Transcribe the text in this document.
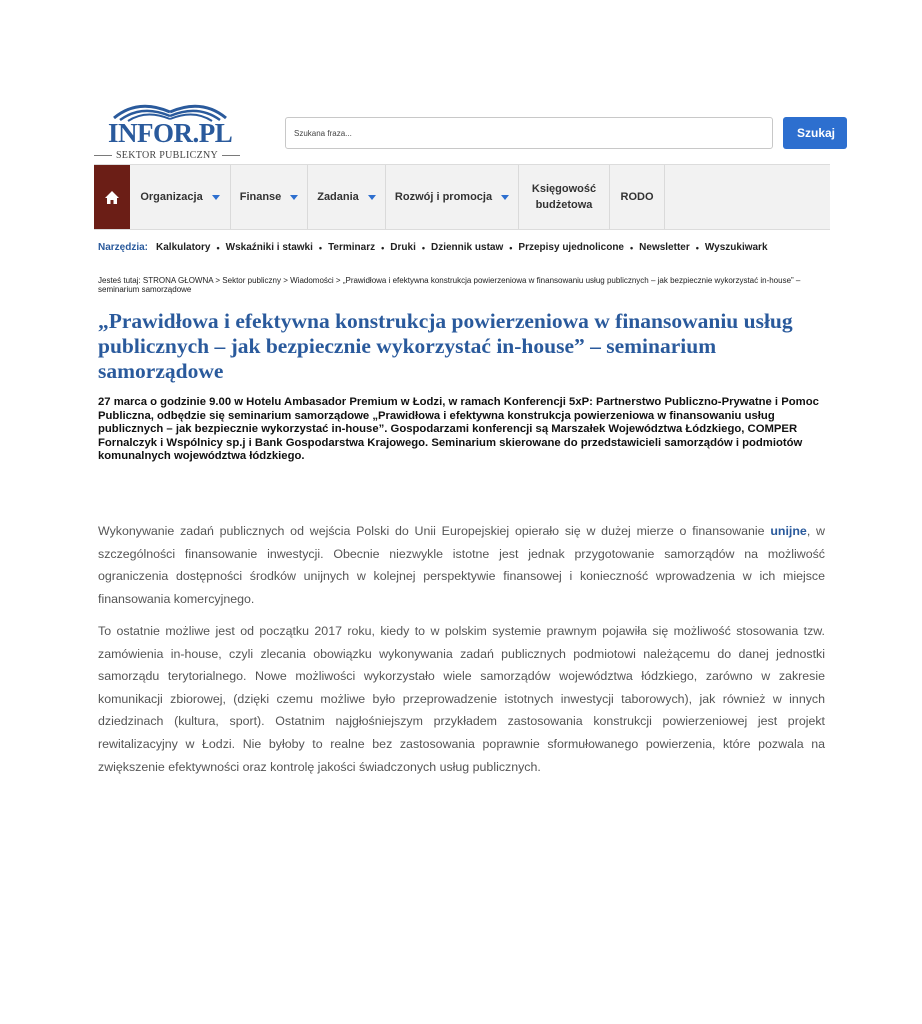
INFOR.PL
SEKTOR PUBLICZNY
Szukana fraza...
Szukaj
Organizacja	Finanse	Zadania	Rozwój i promocja
Księgowość budżetowa
RODO
Narzędzia: Kalkulatory • Wskaźniki i stawki • Terminarz • Druki • Dziennik ustaw • Przepisy ujednolicone • Newsletter • Wyszukiwark
Jesteś tutaj: STRONA GŁOWNA > Sektor publiczny > Wiadomości > „Prawidłowa i efektywna konstrukcja powierzeniowa w finansowaniu usług publicznych – jak bezpiecznie wykorzystać in-house” – seminarium samorządowe
„Prawidłowa i efektywna konstrukcja powierzeniowa w finansowaniu usług publicznych – jak bezpiecznie wykorzystać in-house” – seminarium samorządowe

27 marca o godzinie 9.00 w Hotelu Ambasador Premium w Łodzi, w ramach Konferencji 5xP: Partnerstwo Publiczno-Prywatne i Pomoc Publiczna, odbędzie się seminarium samorządowe „Prawidłowa i efektywna konstrukcja powierzeniowa w finansowaniu usług publicznych – jak bezpiecznie wykorzystać in-house”. Gospodarzami konferencji są Marszałek Województwa Łódzkiego, COMPER Fornalczyk i Wspólnicy sp.j i Bank Gospodarstwa Krajowego. Seminarium skierowane do przedstawicieli samorządów i podmiotów komunalnych województwa łódzkiego.

Wykonywanie zadań publicznych od wejścia Polski do Unii Europejskiej opierało się w dużej mierze o finansowanie unijne, w szczególności finansowanie inwestycji. Obecnie niezwykle istotne jest jednak przygotowanie samorządów na możliwość ograniczenia dostępności środków unijnych w kolejnej perspektywie finansowej i konieczność wprowadzenia w ich miejsce finansowania komercyjnego.

To ostatnie możliwe jest od początku 2017 roku, kiedy to w polskim systemie prawnym pojawiła się możliwość stosowania tzw. zamówienia in-house, czyli zlecania obowiązku wykonywania zadań publicznych podmiotowi należącemu do danej jednostki samorządu terytorialnego. Nowe możliwości wykorzystało wiele samorządów województwa łódzkiego, zarówno w zakresie komunikacji zbiorowej, (dzięki czemu możliwe było przeprowadzenie istotnych inwestycji taborowych), jak również w innych dziedzinach (kultura, sport). Ostatnim najgłośniejszym przykładem zastosowania konstrukcji powierzeniowej jest projekt rewitalizacyjny w Łodzi. Nie byłoby to realne bez zastosowania poprawnie sformułowanego powierzenia, które pozwala na zwiększenie efektywności oraz kontrolę jakości świadczonych usług publicznych.
